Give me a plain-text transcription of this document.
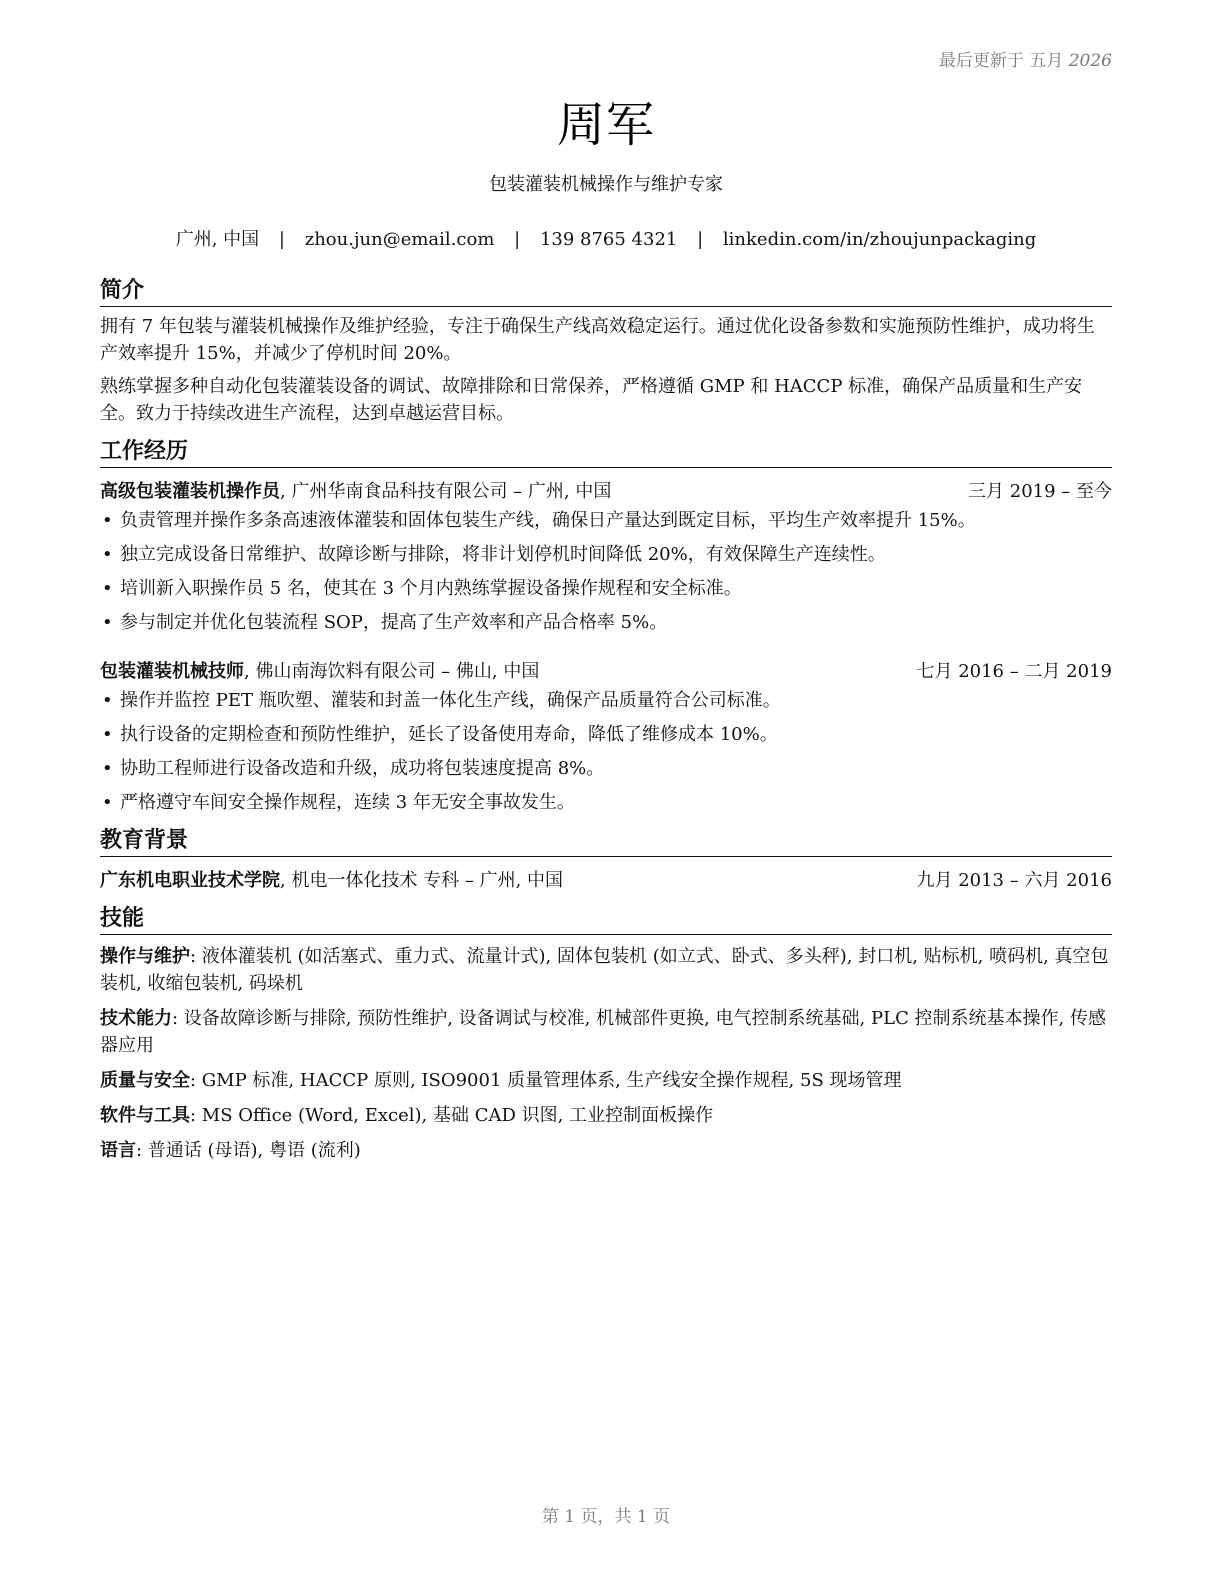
最后更新于 五月 2026
周军
包装灌装机械操作与维护专家
广州, 中国 | zhou.jun@email.com | 139 8765 4321 | linkedin.com/in/zhoujunpackaging
简介

拥有 7 年包装与灌装机械操作及维护经验，专注于确保生产线高效稳定运行。通过优化设备参数和实施预防性维护，成功将生产效率提升 15%，并减少了停机时间 20%。

熟练掌握多种自动化包装灌装设备的调试、故障排除和日常保养，严格遵循 GMP 和 HACCP 标准，确保产品质量和生产安全。致力于持续改进生产流程，达到卓越运营目标。

工作经历
高级包装灌装机操作员, 广州华南食品科技有限公司 – 广州, 中国	三月 2019 – 至今
• 负责管理并操作多条高速液体灌装和固体包装生产线，确保日产量达到既定目标，平均生产效率提升 15%。
• 独立完成设备日常维护、故障诊断与排除，将非计划停机时间降低 20%，有效保障生产连续性。
• 培训新入职操作员 5 名，使其在 3 个月内熟练掌握设备操作规程和安全标准。
• 参与制定并优化包装流程 SOP，提高了生产效率和产品合格率 5%。
包装灌装机械技师, 佛山南海饮料有限公司 – 佛山, 中国	七月 2016 – 二月 2019
• 操作并监控 PET 瓶吹塑、灌装和封盖一体化生产线，确保产品质量符合公司标准。
• 执行设备的定期检查和预防性维护，延长了设备使用寿命，降低了维修成本 10%。
• 协助工程师进行设备改造和升级，成功将包装速度提高 8%。
• 严格遵守车间安全操作规程，连续 3 年无安全事故发生。
教育背景
广东机电职业技术学院, 机电一体化技术 专科 – 广州, 中国	九月 2013 – 六月 2016
技能

操作与维护: 液体灌装机 (如活塞式、重力式、流量计式), 固体包装机 (如立式、卧式、多头秤), 封口机, 贴标机, 喷码机, 真空包装机, 收缩包装机, 码垛机

技术能力: 设备故障诊断与排除, 预防性维护, 设备调试与校准, 机械部件更换, 电气控制系统基础, PLC 控制系统基本操作, 传感器应用

质量与安全: GMP 标准, HACCP 原则, ISO9001 质量管理体系, 生产线安全操作规程, 5S 现场管理

软件与工具: MS Office (Word, Excel), 基础 CAD 识图, 工业控制面板操作

语言: 普通话 (母语), 粤语 (流利)

第 1 页，共 1 页
